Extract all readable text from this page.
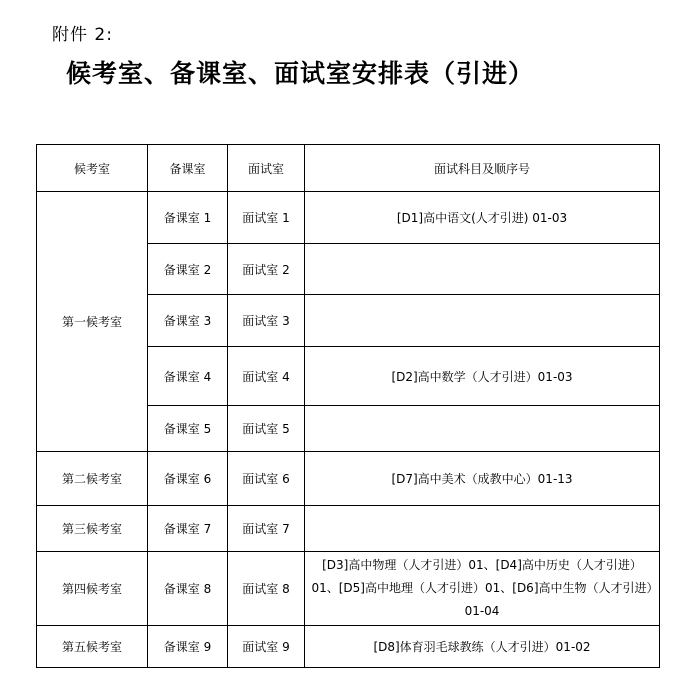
附件 2:
候考室、备课室、面试室安排表（引进）
候考室	备课室	面试室	面试科目及顺序号
第一候考室	备课室 1	面试室 1	[D1]高中语文(人才引进) 01-03
	备课室 2	面试室 2	
	备课室 3	面试室 3	
	备课室 4	面试室 4	[D2]高中数学（人才引进）01-03
	备课室 5	面试室 5	
第二候考室	备课室 6	面试室 6	[D7]高中美术（成教中心）01-13
第三候考室	备课室 7	面试室 7	
第四候考室	备课室 8	面试室 8	[D3]高中物理（人才引进）01、[D4]高中历史（人才引进）01、[D5]高中地理（人才引进）01、[D6]高中生物（人才引进）01-04
第五候考室	备课室 9	面试室 9	[D8]体育羽毛球教练（人才引进）01-02
